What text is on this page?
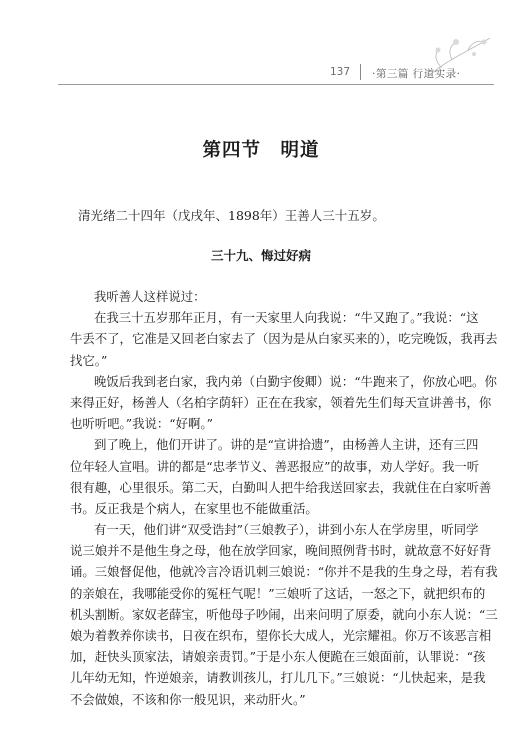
137 ·第三篇 行道实录·
第四节　明道
清光绪二十四年（戊戌年、1898年）王善人三十五岁。
三十九、悔过好病
我听善人这样说过：
在我三十五岁那年正月，有一天家里人向我说：“牛又跑了。”我说：“这
牛丢不了，它准是又回老白家去了（因为是从白家买来的），吃完晚饭，我再去
找它。”
晚饭后我到老白家，我内弟（白勤宇俊卿）说：“牛跑来了，你放心吧。你
来得正好，杨善人（名柏字荫轩）正在在我家，领着先生们每天宣讲善书，你
也听听吧。”我说：“好啊。”
到了晚上，他们开讲了。讲的是“宣讲拾遗”，由杨善人主讲，还有三四
位年轻人宣唱。讲的都是“忠孝节义、善恶报应”的故事，劝人学好。我一听
很有趣，心里很乐。第二天，白勤叫人把牛给我送回家去，我就住在白家听善
书。反正我是个病人，在家里也不能做重活。
有一天，他们讲“双受诰封”（三娘教子），讲到小东人在学房里，听同学
说三娘并不是他生身之母，他在放学回家，晚间照例背书时，就故意不好好背
诵。三娘督促他，他就冷言冷语讥刺三娘说：“你并不是我的生身之母，若有我
的亲娘在，我哪能受你的冤枉气呢！”三娘听了这话，一怒之下，就把织布的
机头割断。家奴老薛宝，听他母子吵闹，出来问明了原委，就向小东人说：“三
娘为着教养你读书，日夜在织布，望你长大成人，光宗耀祖。你万不该恶言相
加，赶快头顶家法，请娘亲责罚。”于是小东人便跪在三娘面前，认罪说：“孩
儿年幼无知，忤逆娘亲，请教训孩儿，打儿几下。”三娘说：“儿快起来，是我
不会做娘，不该和你一般见识，来动肝火。”
